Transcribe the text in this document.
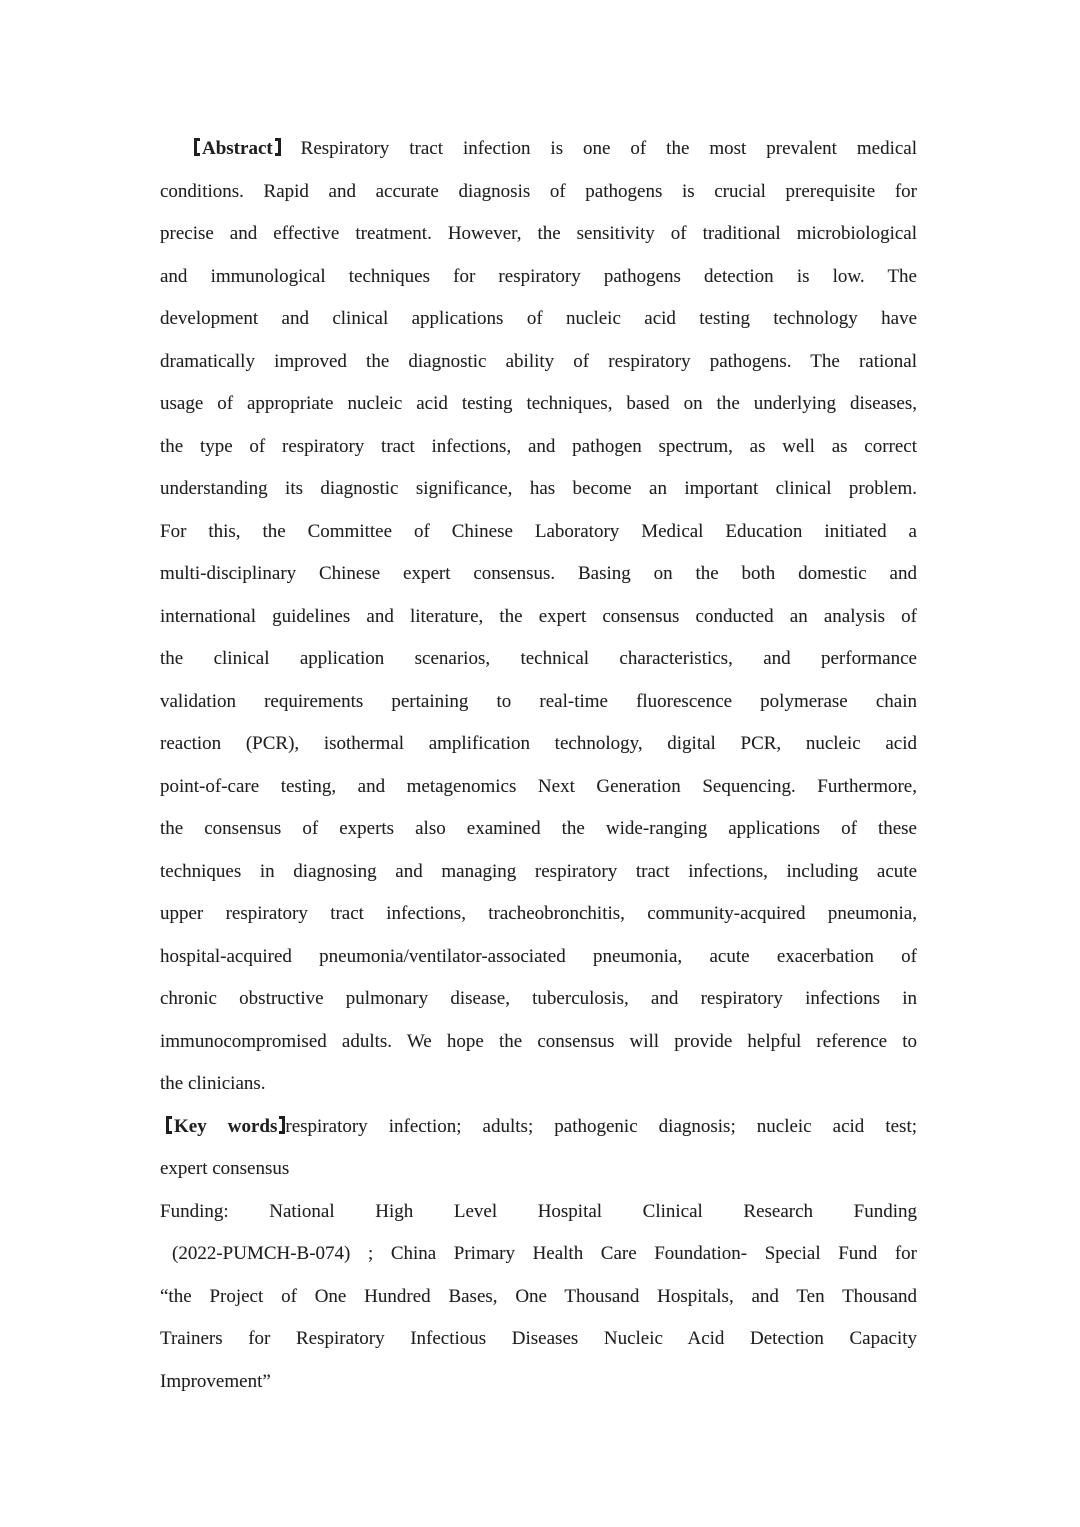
Abstract Respiratory tract infection is one of the most prevalent medical
conditions. Rapid and accurate diagnosis of pathogens is crucial prerequisite for
precise and effective treatment. However, the sensitivity of traditional microbiological
and immunological techniques for respiratory pathogens detection is low. The
development and clinical applications of nucleic acid testing technology have
dramatically improved the diagnostic ability of respiratory pathogens. The rational
usage of appropriate nucleic acid testing techniques, based on the underlying diseases,
the type of respiratory tract infections, and pathogen spectrum, as well as correct
understanding its diagnostic significance, has become an important clinical problem.
For this, the Committee of Chinese Laboratory Medical Education initiated a
multi-disciplinary Chinese expert consensus. Basing on the both domestic and
international guidelines and literature, the expert consensus conducted an analysis of
the clinical application scenarios, technical characteristics, and performance
validation requirements pertaining to real-time fluorescence polymerase chain
reaction (PCR), isothermal amplification technology, digital PCR, nucleic acid
point-of-care testing, and metagenomics Next Generation Sequencing. Furthermore,
the consensus of experts also examined the wide-ranging applications of these
techniques in diagnosing and managing respiratory tract infections, including acute
upper respiratory tract infections, tracheobronchitis, community-acquired pneumonia,
hospital-acquired pneumonia/ventilator-associated pneumonia, acute exacerbation of
chronic obstructive pulmonary disease, tuberculosis, and respiratory infections in
immunocompromised adults. We hope the consensus will provide helpful reference to
the clinicians.
Key words respiratory infection; adults; pathogenic diagnosis; nucleic acid test;
expert consensus
Funding: National High Level Hospital Clinical Research Funding
(2022-PUMCH-B-074) ; China Primary Health Care Foundation- Special Fund for
“the Project of One Hundred Bases, One Thousand Hospitals, and Ten Thousand
Trainers for Respiratory Infectious Diseases Nucleic Acid Detection Capacity
Improvement”
